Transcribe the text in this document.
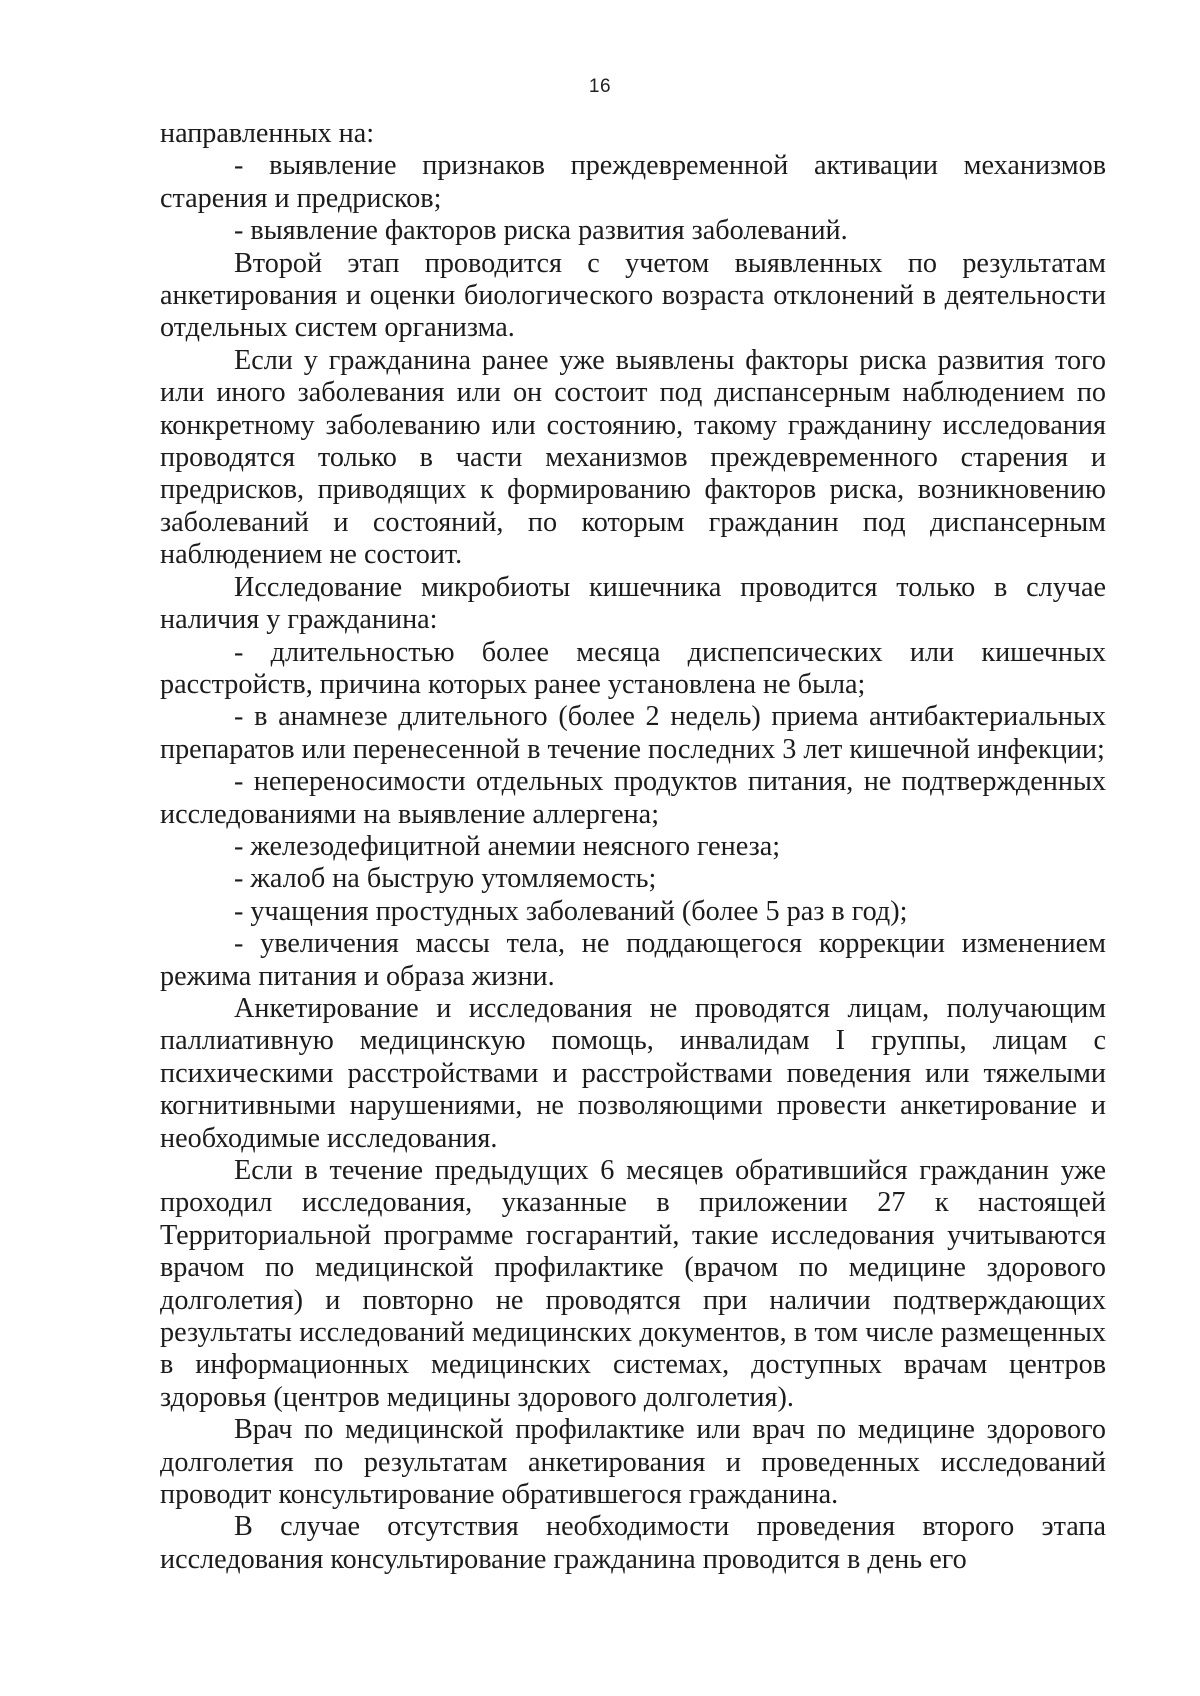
16

направленных на:

- выявление признаков преждевременной активации механизмов старения и предрисков;

- выявление факторов риска развития заболеваний.

Второй этап проводится с учетом выявленных по результатам анкетирования и оценки биологического возраста отклонений в деятельности отдельных систем организма.

Если у гражданина ранее уже выявлены факторы риска развития того или иного заболевания или он состоит под диспансерным наблюдением по конкретному заболеванию или состоянию, такому гражданину исследования проводятся только в части механизмов преждевременного старения и предрисков, приводящих к формированию факторов риска, возникновению заболеваний и состояний, по которым гражданин под диспансерным наблюдением не состоит.

Исследование микробиоты кишечника проводится только в случае наличия у гражданина:

- длительностью более месяца диспепсических или кишечных расстройств, причина которых ранее установлена не была;

- в анамнезе длительного (более 2 недель) приема антибактериальных препаратов или перенесенной в течение последних 3 лет кишечной инфекции;

- непереносимости отдельных продуктов питания, не подтвержденных исследованиями на выявление аллергена;

- железодефицитной анемии неясного генеза;

- жалоб на быструю утомляемость;

- учащения простудных заболеваний (более 5 раз в год);

- увеличения массы тела, не поддающегося коррекции изменением режима питания и образа жизни.

Анкетирование и исследования не проводятся лицам, получающим паллиативную медицинскую помощь, инвалидам I группы, лицам с психическими расстройствами и расстройствами поведения или тяжелыми когнитивными нарушениями, не позволяющими провести анкетирование и необходимые исследования.

Если в течение предыдущих 6 месяцев обратившийся гражданин уже проходил исследования, указанные в приложении 27 к настоящей Территориальной программе госгарантий, такие исследования учитываются врачом по медицинской профилактике (врачом по медицине здорового долголетия) и повторно не проводятся при наличии подтверждающих результаты исследований медицинских документов, в том числе размещенных в информационных медицинских системах, доступных врачам центров здоровья (центров медицины здорового долголетия).

Врач по медицинской профилактике или врач по медицине здорового долголетия по результатам анкетирования и проведенных исследований проводит консультирование обратившегося гражданина.

В случае отсутствия необходимости проведения второго этапа исследования консультирование гражданина проводится в день его
